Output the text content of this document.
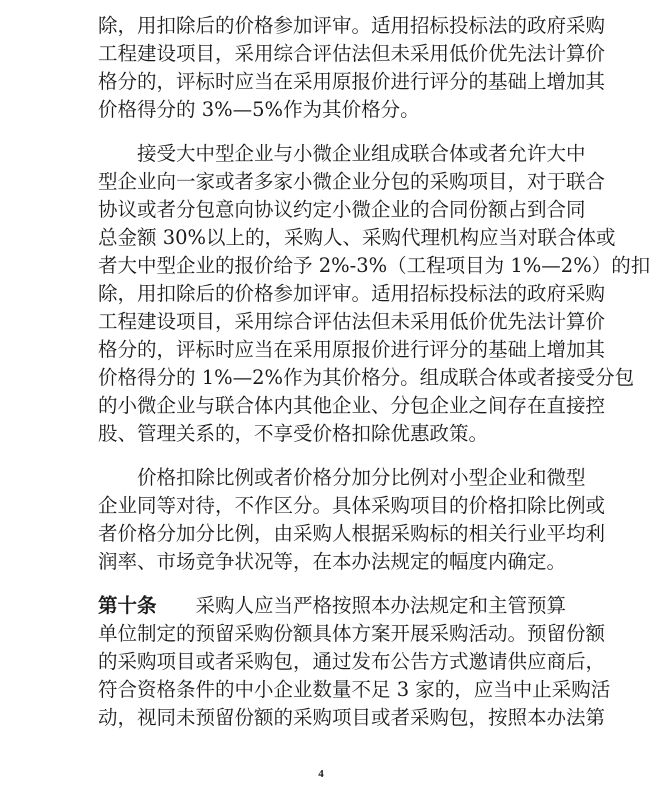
除，用扣除后的价格参加评审。适用招标投标法的政府采购
工程建设项目，采用综合评估法但未采用低价优先法计算价
格分的，评标时应当在采用原报价进行评分的基础上增加其
价格得分的 3%—5%作为其价格分。
　　接受大中型企业与小微企业组成联合体或者允许大中
型企业向一家或者多家小微企业分包的采购项目，对于联合
协议或者分包意向协议约定小微企业的合同份额占到合同
总金额 30%以上的，采购人、采购代理机构应当对联合体或
者大中型企业的报价给予 2%-3%（工程项目为 1%—2%）的扣
除，用扣除后的价格参加评审。适用招标投标法的政府采购
工程建设项目，采用综合评估法但未采用低价优先法计算价
格分的，评标时应当在采用原报价进行评分的基础上增加其
价格得分的 1%—2%作为其价格分。组成联合体或者接受分包
的小微企业与联合体内其他企业、分包企业之间存在直接控
股、管理关系的，不享受价格扣除优惠政策。
　　价格扣除比例或者价格分加分比例对小型企业和微型
企业同等对待，不作区分。具体采购项目的价格扣除比例或
者价格分加分比例，由采购人根据采购标的相关行业平均利
润率、市场竞争状况等，在本办法规定的幅度内确定。
第十条　　采购人应当严格按照本办法规定和主管预算
单位制定的预留采购份额具体方案开展采购活动。预留份额
的采购项目或者采购包，通过发布公告方式邀请供应商后，
符合资格条件的中小企业数量不足 3 家的，应当中止采购活
动，视同未预留份额的采购项目或者采购包，按照本办法第
4
